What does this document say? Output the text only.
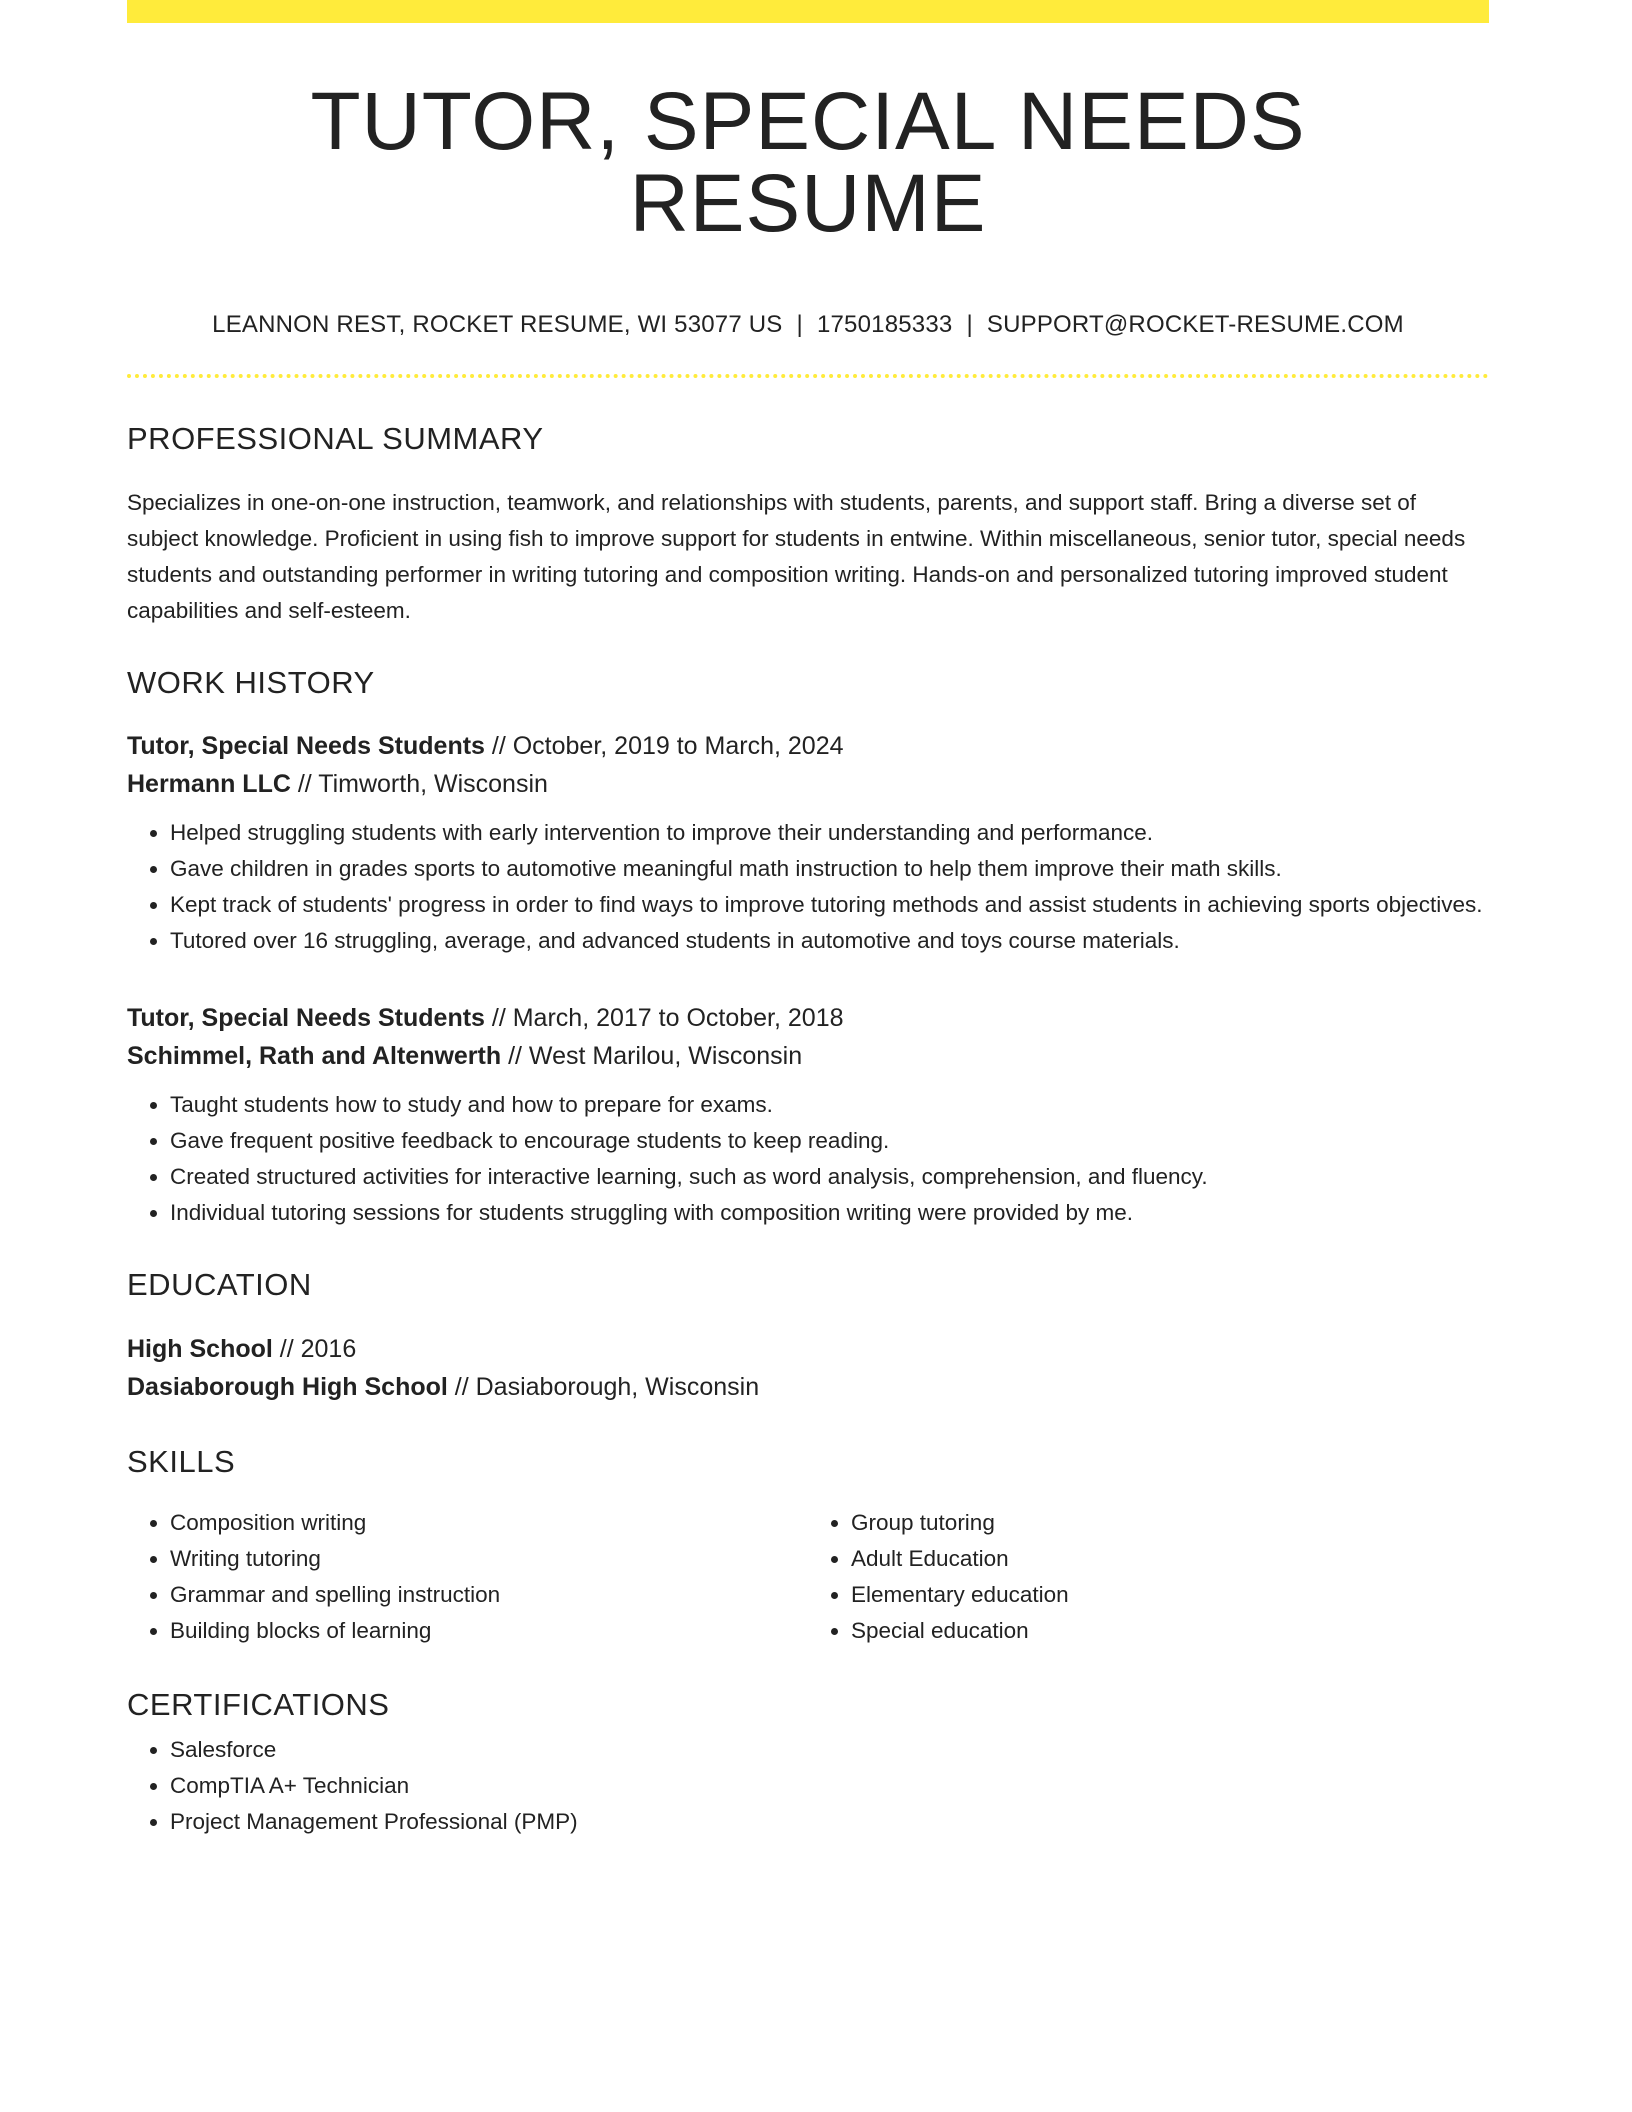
TUTOR, SPECIAL NEEDS RESUME
LEANNON REST, ROCKET RESUME, WI 53077 US | 1750185333 | SUPPORT@ROCKET-RESUME.COM
PROFESSIONAL SUMMARY

Specializes in one-on-one instruction, teamwork, and relationships with students, parents, and support staff. Bring a diverse set of subject knowledge. Proficient in using fish to improve support for students in entwine. Within miscellaneous, senior tutor, special needs students and outstanding performer in writing tutoring and composition writing. Hands-on and personalized tutoring improved student capabilities and self-esteem.

WORK HISTORY
Tutor, Special Needs Students // October, 2019 to March, 2024
Hermann LLC // Timworth, Wisconsin
• Helped struggling students with early intervention to improve their understanding and performance.
• Gave children in grades sports to automotive meaningful math instruction to help them improve their math skills.
• Kept track of students' progress in order to find ways to improve tutoring methods and assist students in achieving sports objectives.
• Tutored over 16 struggling, average, and advanced students in automotive and toys course materials.
Tutor, Special Needs Students // March, 2017 to October, 2018
Schimmel, Rath and Altenwerth // West Marilou, Wisconsin
• Taught students how to study and how to prepare for exams.
• Gave frequent positive feedback to encourage students to keep reading.
• Created structured activities for interactive learning, such as word analysis, comprehension, and fluency.
• Individual tutoring sessions for students struggling with composition writing were provided by me.
EDUCATION
High School // 2016
Dasiaborough High School // Dasiaborough, Wisconsin
SKILLS
• Composition writing
• Writing tutoring
• Grammar and spelling instruction
• Building blocks of learning
• Group tutoring
• Adult Education
• Elementary education
• Special education
CERTIFICATIONS
• Salesforce
• CompTIA A+ Technician
• Project Management Professional (PMP)
